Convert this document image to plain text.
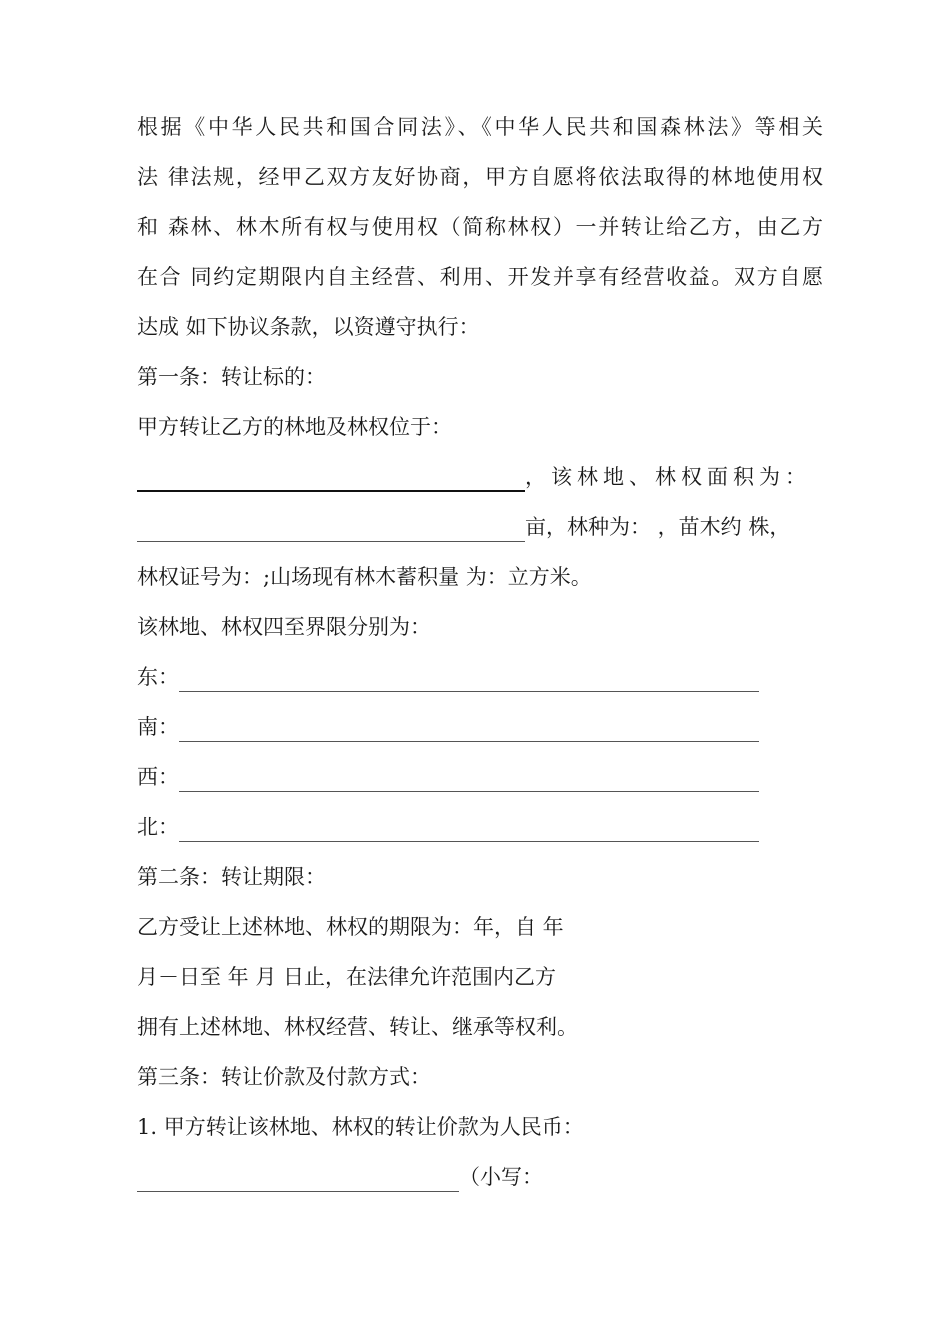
根据《中华人民共和国合同法》、《中华人民共和国森林法》等相关
法 律法规，经甲乙双方友好协商，甲方自愿将依法取得的林地使用权
和 森林、林木所有权与使用权（简称林权）一并转让给乙方，由乙方
在合 同约定期限内自主经营、利用、开发并享有经营收益。双方自愿
达成 如下协议条款，以资遵守执行：
第一条：转让标的：
甲方转让乙方的林地及林权位于：
，该林地、林权面积为：
亩，林种为： ，苗木约 株，
林权证号为：;山场现有林木蓄积量 为：立方米。
该林地、林权四至界限分别为：
东：
南：
西：
北：
第二条：转让期限：
乙方受让上述林地、林权的期限为：年，自 年
月－日至 年 月 日止，在法律允许范围内乙方
拥有上述林地、林权经营、转让、继承等权利。
第三条：转让价款及付款方式：
1. 甲方转让该林地、林权的转让价款为人民币：
（小写：
